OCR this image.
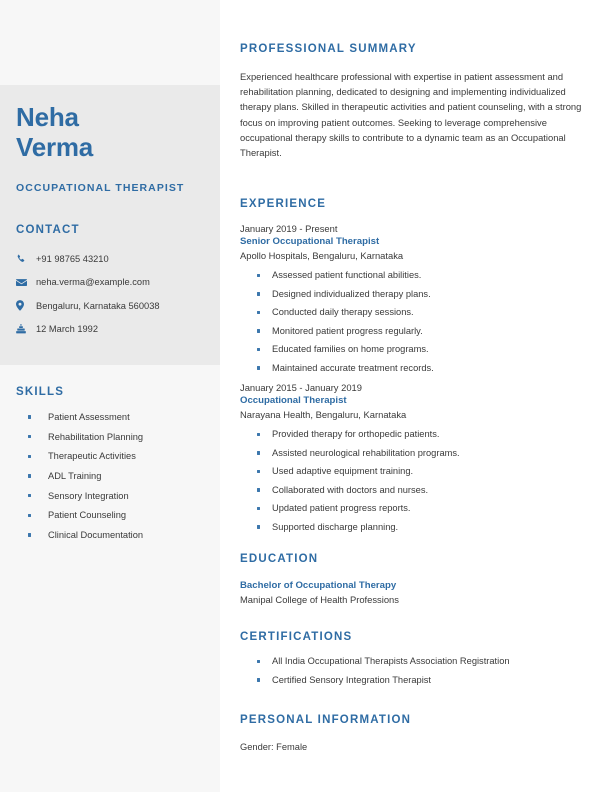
Neha
Verma
OCCUPATIONAL THERAPIST
CONTACT
+91 98765 43210
neha.verma@example.com
Bengaluru, Karnataka 560038
12 March 1992
SKILLS
Patient Assessment
Rehabilitation Planning
Therapeutic Activities
ADL Training
Sensory Integration
Patient Counseling
Clinical Documentation
PROFESSIONAL SUMMARY
Experienced healthcare professional with expertise in patient assessment and rehabilitation planning, dedicated to designing and implementing individualized therapy plans. Skilled in therapeutic activities and patient counseling, with a strong focus on improving patient outcomes. Seeking to leverage comprehensive occupational therapy skills to contribute to a dynamic team as an Occupational Therapist.
EXPERIENCE
January 2019 - Present
Senior Occupational Therapist
Apollo Hospitals, Bengaluru, Karnataka
Assessed patient functional abilities.
Designed individualized therapy plans.
Conducted daily therapy sessions.
Monitored patient progress regularly.
Educated families on home programs.
Maintained accurate treatment records.
January 2015 - January 2019
Occupational Therapist
Narayana Health, Bengaluru, Karnataka
Provided therapy for orthopedic patients.
Assisted neurological rehabilitation programs.
Used adaptive equipment training.
Collaborated with doctors and nurses.
Updated patient progress reports.
Supported discharge planning.
EDUCATION
Bachelor of Occupational Therapy
Manipal College of Health Professions
CERTIFICATIONS
All India Occupational Therapists Association Registration
Certified Sensory Integration Therapist
PERSONAL INFORMATION
Gender: Female
